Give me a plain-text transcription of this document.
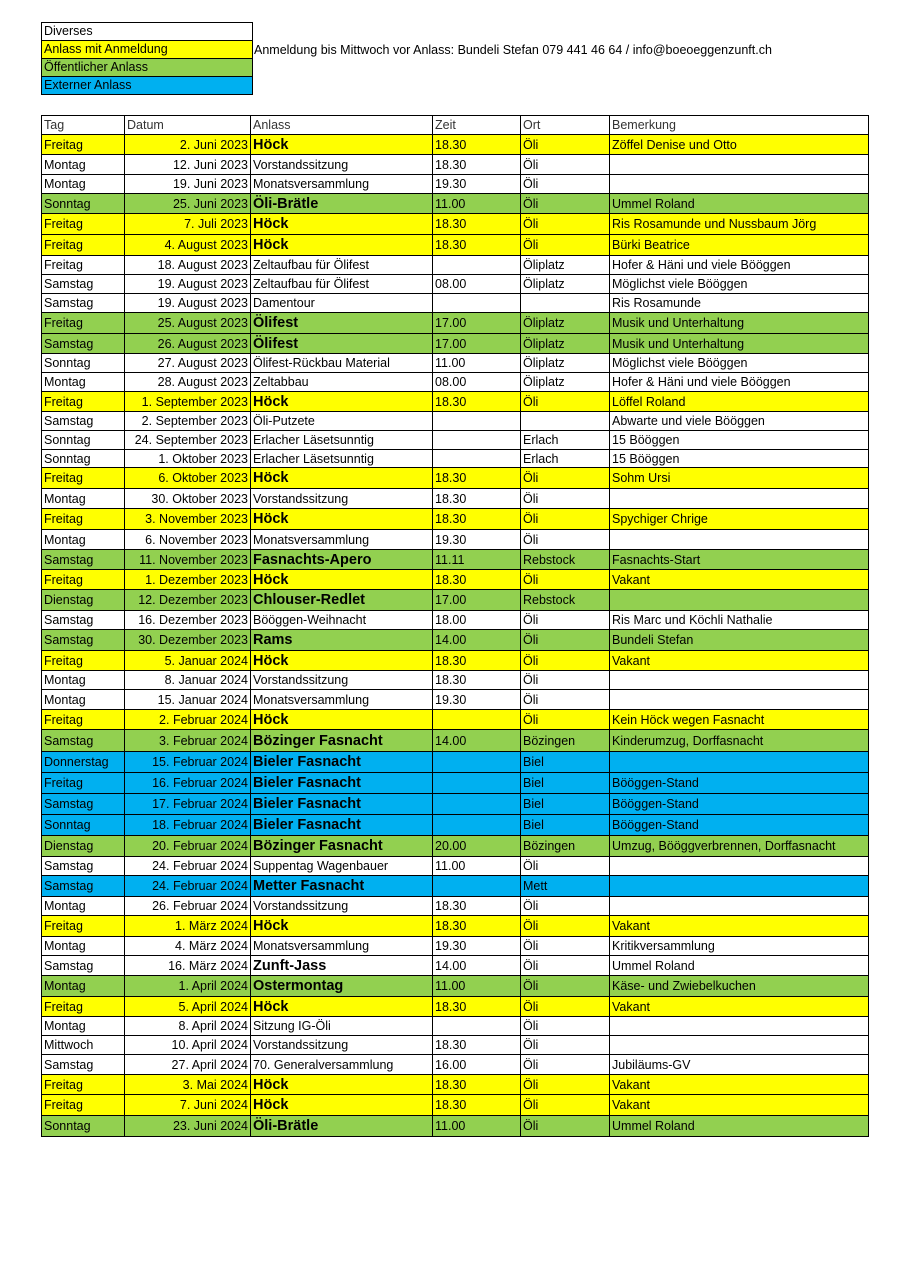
Diverses
Anlass mit Anmeldung
Öffentlicher Anlass
Externer Anlass
Anmeldung bis Mittwoch vor Anlass: Bundeli Stefan 079 441 46 64 / info@boeoeggenzunft.ch
Tag	Datum	Anlass	Zeit	Ort	Bemerkung
Freitag	2. Juni 2023	Höck	18.30	Öli	Zöffel Denise und Otto
Montag	12. Juni 2023	Vorstandssitzung	18.30	Öli	
Montag	19. Juni 2023	Monatsversammlung	19.30	Öli	
Sonntag	25. Juni 2023	Öli-Brätle	11.00	Öli	Ummel Roland
Freitag	7. Juli 2023	Höck	18.30	Öli	Ris Rosamunde und Nussbaum Jörg
Freitag	4. August 2023	Höck	18.30	Öli	Bürki Beatrice
Freitag	18. August 2023	Zeltaufbau für Ölifest		Öliplatz	Hofer & Häni und viele Bööggen
Samstag	19. August 2023	Zeltaufbau für Ölifest	08.00	Öliplatz	Möglichst viele Bööggen
Samstag	19. August 2023	Damentour			Ris Rosamunde
Freitag	25. August 2023	Ölifest	17.00	Öliplatz	Musik und Unterhaltung
Samstag	26. August 2023	Ölifest	17.00	Öliplatz	Musik und Unterhaltung
Sonntag	27. August 2023	Ölifest-Rückbau Material	11.00	Öliplatz	Möglichst viele Bööggen
Montag	28. August 2023	Zeltabbau	08.00	Öliplatz	Hofer & Häni und viele Bööggen
Freitag	1. September 2023	Höck	18.30	Öli	Löffel Roland
Samstag	2. September 2023	Öli-Putzete			Abwarte und viele Bööggen
Sonntag	24. September 2023	Erlacher Läsetsunntig		Erlach	15 Bööggen
Sonntag	1. Oktober 2023	Erlacher Läsetsunntig		Erlach	15 Bööggen
Freitag	6. Oktober 2023	Höck	18.30	Öli	Sohm Ursi
Montag	30. Oktober 2023	Vorstandssitzung	18.30	Öli	
Freitag	3. November 2023	Höck	18.30	Öli	Spychiger Chrige
Montag	6. November 2023	Monatsversammlung	19.30	Öli	
Samstag	11. November 2023	Fasnachts-Apero	11.11	Rebstock	Fasnachts-Start
Freitag	1. Dezember 2023	Höck	18.30	Öli	Vakant
Dienstag	12. Dezember 2023	Chlouser-Redlet	17.00	Rebstock	
Samstag	16. Dezember 2023	Bööggen-Weihnacht	18.00	Öli	Ris Marc und Köchli Nathalie
Samstag	30. Dezember 2023	Rams	14.00	Öli	Bundeli Stefan
Freitag	5. Januar 2024	Höck	18.30	Öli	Vakant
Montag	8. Januar 2024	Vorstandssitzung	18.30	Öli	
Montag	15. Januar 2024	Monatsversammlung	19.30	Öli	
Freitag	2. Februar 2024	Höck		Öli	Kein Höck wegen Fasnacht
Samstag	3. Februar 2024	Bözinger Fasnacht	14.00	Bözingen	Kinderumzug, Dorffasnacht
Donnerstag	15. Februar 2024	Bieler Fasnacht		Biel	
Freitag	16. Februar 2024	Bieler Fasnacht		Biel	Bööggen-Stand
Samstag	17. Februar 2024	Bieler Fasnacht		Biel	Bööggen-Stand
Sonntag	18. Februar 2024	Bieler Fasnacht		Biel	Bööggen-Stand
Dienstag	20. Februar 2024	Bözinger Fasnacht	20.00	Bözingen	Umzug, Bööggverbrennen, Dorffasnacht
Samstag	24. Februar 2024	Suppentag Wagenbauer	11.00	Öli	
Samstag	24. Februar 2024	Metter Fasnacht		Mett	
Montag	26. Februar 2024	Vorstandssitzung	18.30	Öli	
Freitag	1. März 2024	Höck	18.30	Öli	Vakant
Montag	4. März 2024	Monatsversammlung	19.30	Öli	Kritikversammlung
Samstag	16. März 2024	Zunft-Jass	14.00	Öli	Ummel Roland
Montag	1. April 2024	Ostermontag	11.00	Öli	Käse- und Zwiebelkuchen
Freitag	5. April 2024	Höck	18.30	Öli	Vakant
Montag	8. April 2024	Sitzung IG-Öli		Öli	
Mittwoch	10. April 2024	Vorstandssitzung	18.30	Öli	
Samstag	27. April 2024	70. Generalversammlung	16.00	Öli	Jubiläums-GV
Freitag	3. Mai 2024	Höck	18.30	Öli	Vakant
Freitag	7. Juni 2024	Höck	18.30	Öli	Vakant
Sonntag	23. Juni 2024	Öli-Brätle	11.00	Öli	Ummel Roland
